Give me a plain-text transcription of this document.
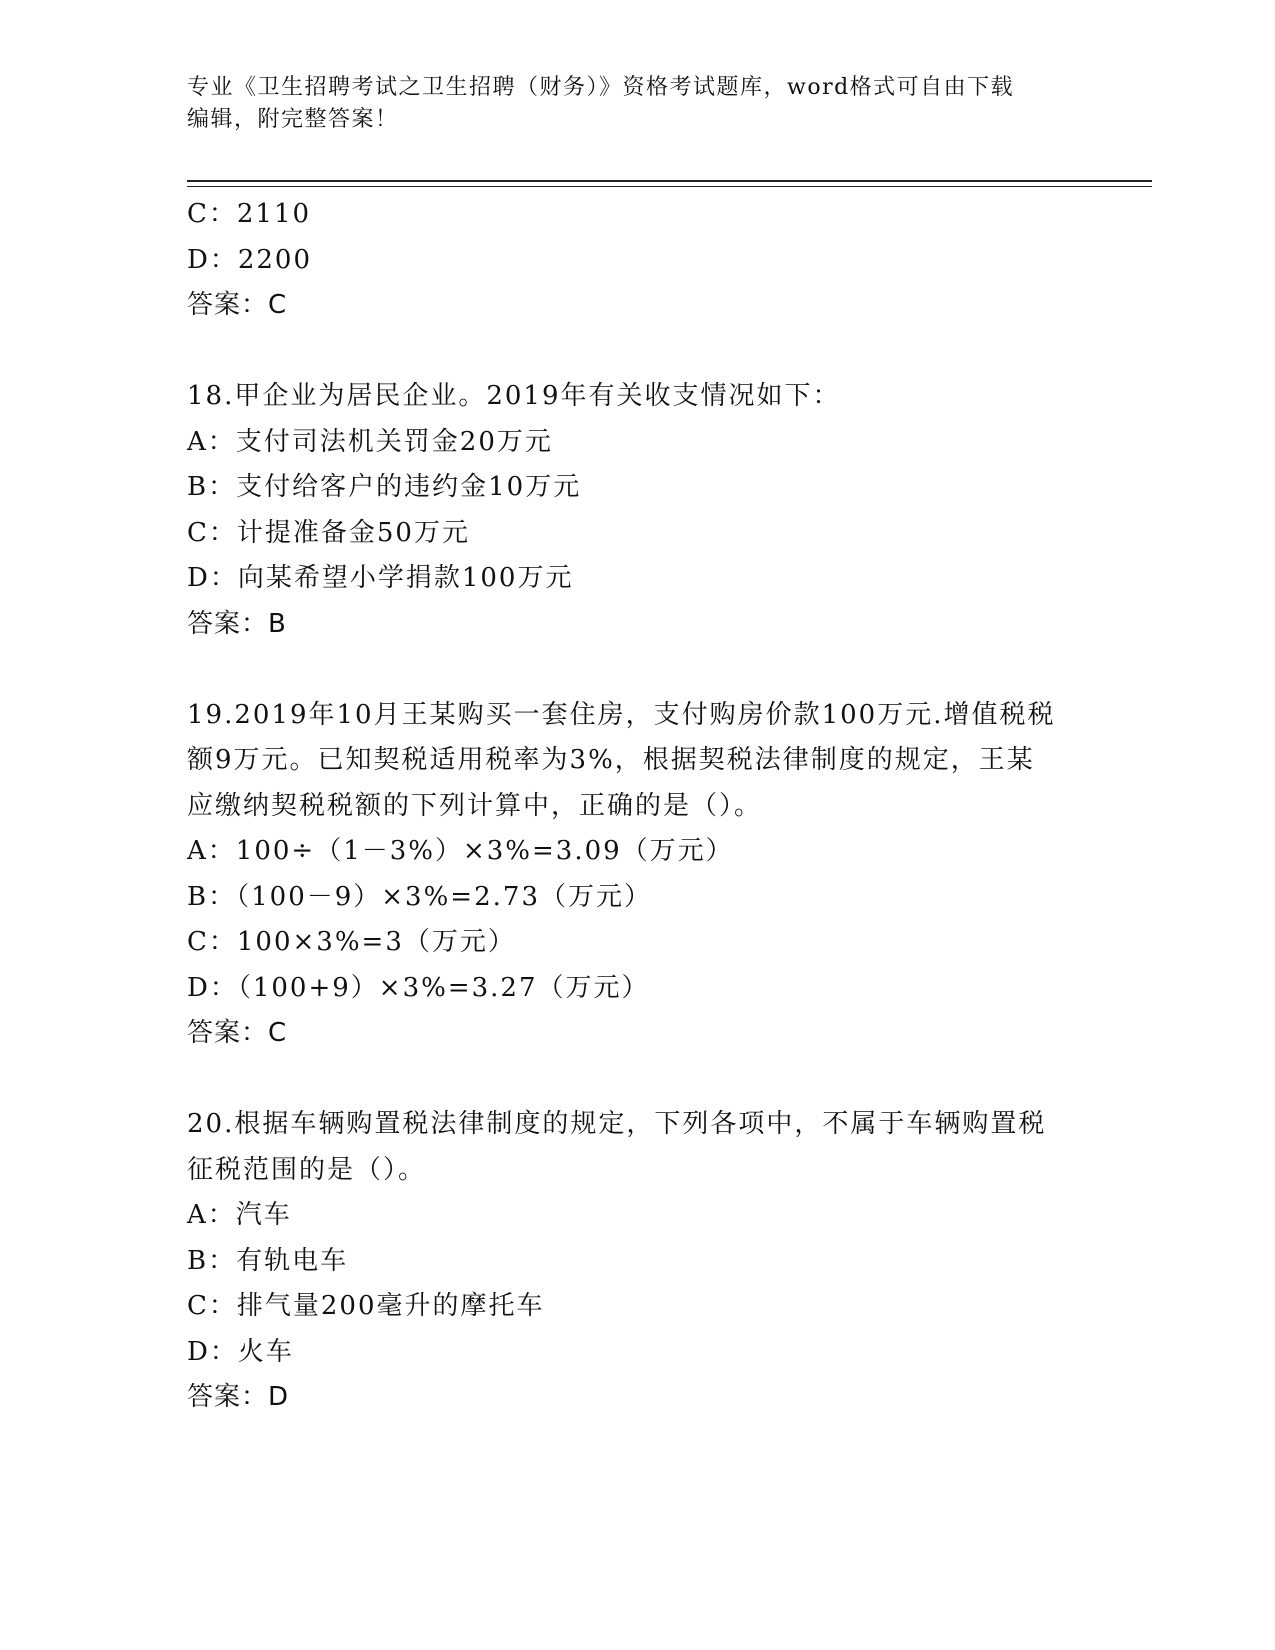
专业《卫生招聘考试之卫生招聘（财务）》资格考试题库，word格式可自由下载
编辑，附完整答案！
C：2110
D：2200
答案：C
18.甲企业为居民企业。2019年有关收支情况如下：
A：支付司法机关罚金20万元
B：支付给客户的违约金10万元
C：计提准备金50万元
D：向某希望小学捐款100万元
答案：B
19.2019年10月王某购买一套住房，支付购房价款100万元.增值税税
额9万元。已知契税适用税率为3%，根据契税法律制度的规定，王某
应缴纳契税税额的下列计算中，正确的是（）。
A：100÷（1－3%）×3%=3.09（万元）
B：（100－9）×3%=2.73（万元）
C：100×3%=3（万元）
D：（100+9）×3%=3.27（万元）
答案：C
20.根据车辆购置税法律制度的规定，下列各项中，不属于车辆购置税
征税范围的是（）。
A：汽车
B：有轨电车
C：排气量200毫升的摩托车
D：火车
答案：D
